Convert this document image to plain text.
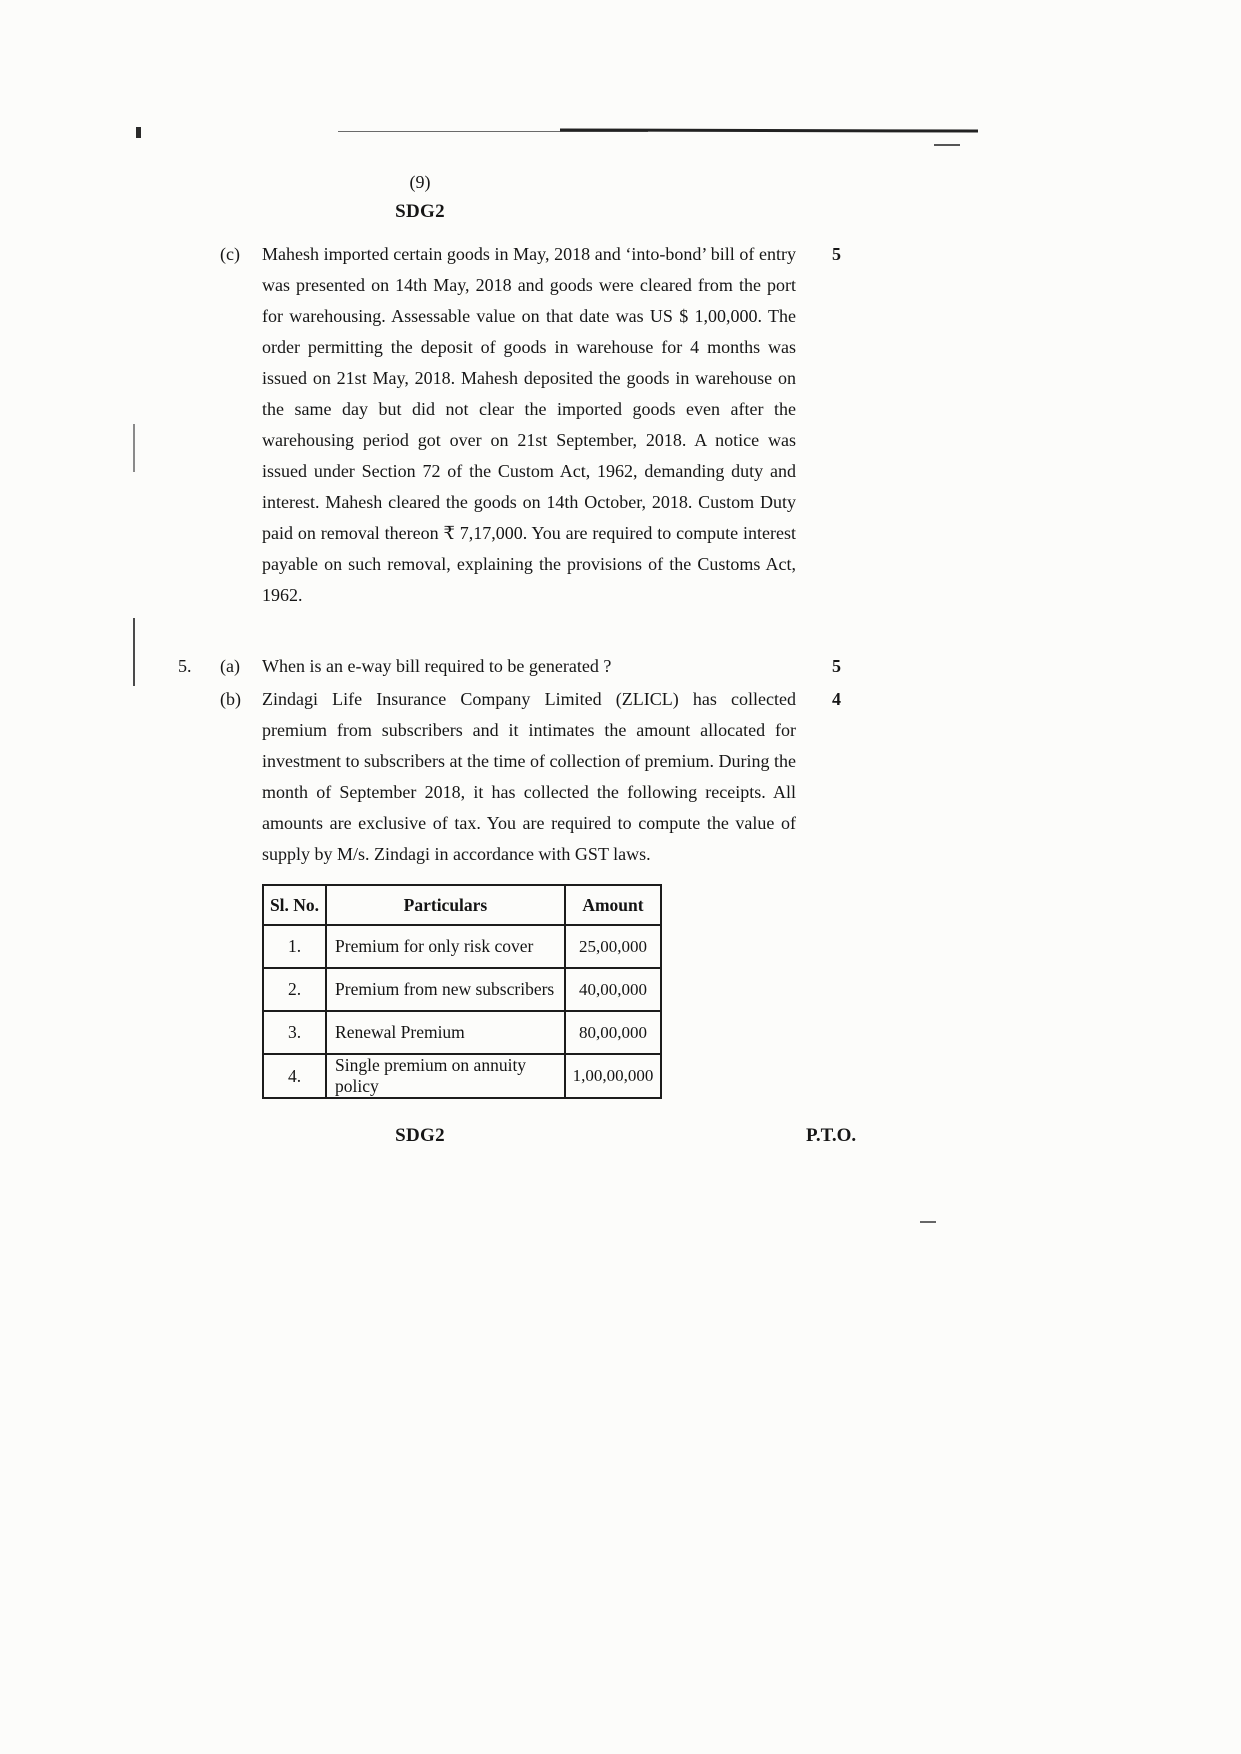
(9)
SDG2
(c)	Mahesh imported certain goods in May, 2018 and ‘into-bond’ bill of entry was presented on 14th May, 2018 and goods were cleared from the port for warehousing. Assessable value on that date was US $ 1,00,000. The order permitting the deposit of goods in warehouse for 4 months was issued on 21st May, 2018. Mahesh deposited the goods in warehouse on the same day but did not clear the imported goods even after the warehousing period got over on 21st September, 2018. A notice was issued under Section 72 of the Custom Act, 1962, demanding duty and interest. Mahesh cleared the goods on 14th October, 2018. Custom Duty paid on removal thereon ₹ 7,17,000. You are required to compute interest payable on such removal, explaining the provisions of the Customs Act, 1962.
5
5.	(a)	When is an e-way bill required to be generated ?	5
(b)	Zindagi Life Insurance Company Limited (ZLICL) has collected premium from subscribers and it intimates the amount allocated for investment to subscribers at the time of collection of premium. During the month of September 2018, it has collected the following receipts. All amounts are exclusive of tax. You are required to compute the value of supply by M/s. Zindagi in accordance with GST laws.
4
Sl. No.	Particulars	Amount
1.	Premium for only risk cover	25,00,000
2.	Premium from new subscribers	40,00,000
3.	Renewal Premium	80,00,000
4.	Single premium on annuity policy	1,00,00,000
SDG2	P.T.O.
